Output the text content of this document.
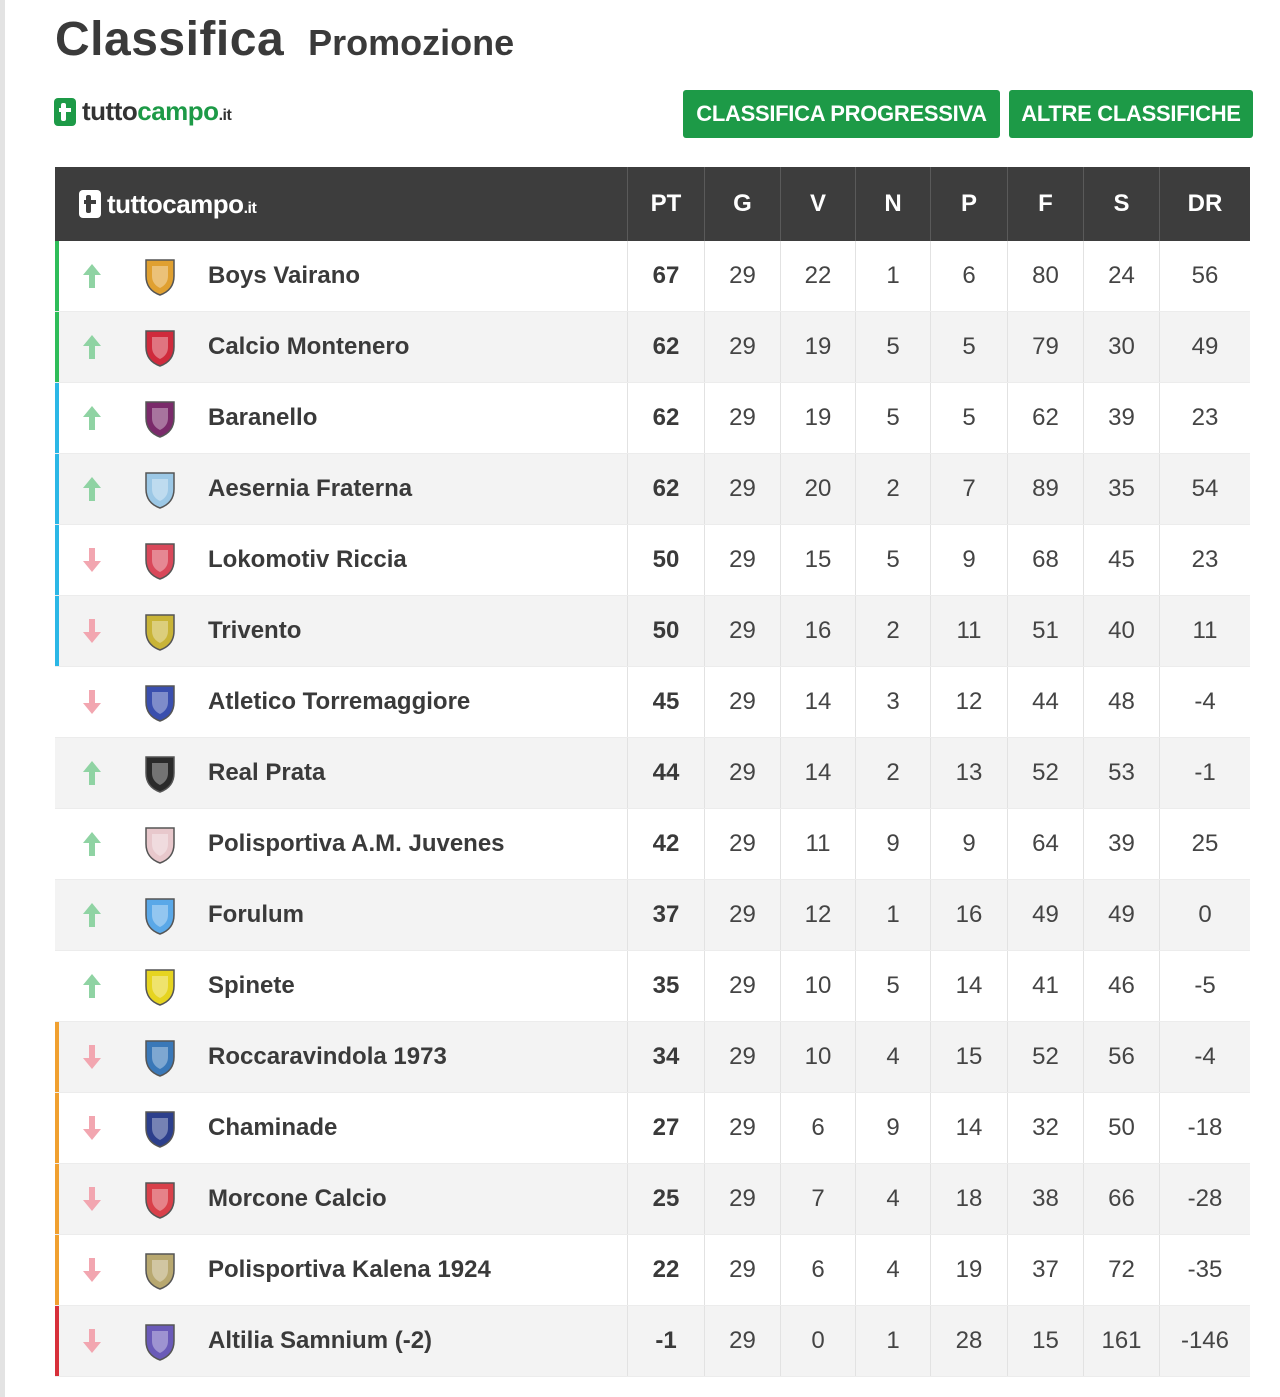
Classifica Promozione
tuttocampo.it	CLASSIFICA PROGRESSIVA	ALTRE CLASSIFICHE
tuttocampo.it	PT	G	V	N	P	F	S	DR
Boys Vairano	67	29	22	1	6	80	24	56
Calcio Montenero	62	29	19	5	5	79	30	49
Baranello	62	29	19	5	5	62	39	23
Aesernia Fraterna	62	29	20	2	7	89	35	54
Lokomotiv Riccia	50	29	15	5	9	68	45	23
Trivento	50	29	16	2	11	51	40	11
Atletico Torremaggiore	45	29	14	3	12	44	48	-4
Real Prata	44	29	14	2	13	52	53	-1
Polisportiva A.M. Juvenes	42	29	11	9	9	64	39	25
Forulum	37	29	12	1	16	49	49	0
Spinete	35	29	10	5	14	41	46	-5
Roccaravindola 1973	34	29	10	4	15	52	56	-4
Chaminade	27	29	6	9	14	32	50	-18
Morcone Calcio	25	29	7	4	18	38	66	-28
Polisportiva Kalena 1924	22	29	6	4	19	37	72	-35
Altilia Samnium (-2)	-1	29	0	1	28	15	161	-146
